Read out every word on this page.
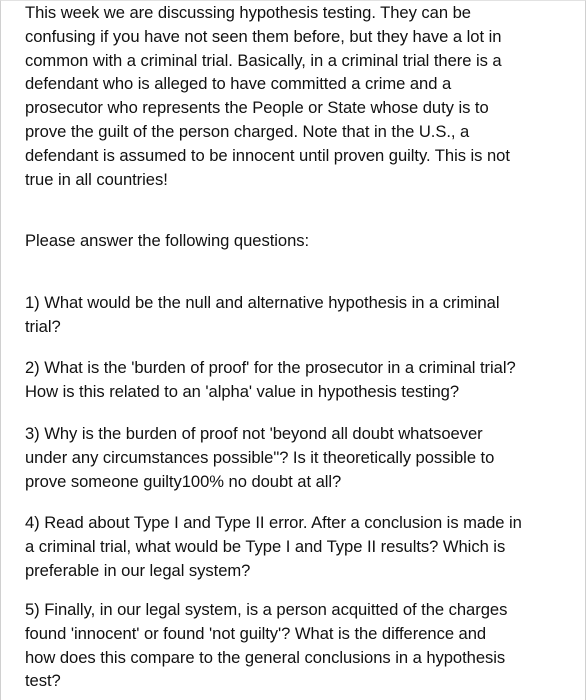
This week we are discussing hypothesis testing. They can be
confusing if you have not seen them before, but they have a lot in
common with a criminal trial. Basically, in a criminal trial there is a
defendant who is alleged to have committed a crime and a
prosecutor who represents the People or State whose duty is to
prove the guilt of the person charged. Note that in the U.S., a
defendant is assumed to be innocent until proven guilty. This is not
true in all countries!

Please answer the following questions:

1) What would be the null and alternative hypothesis in a criminal
trial?

2) What is the 'burden of proof' for the prosecutor in a criminal trial?
How is this related to an 'alpha' value in hypothesis testing?

3) Why is the burden of proof not 'beyond all doubt whatsoever
under any circumstances possible"? Is it theoretically possible to
prove someone guilty100% no doubt at all?

4) Read about Type I and Type II error. After a conclusion is made in
a criminal trial, what would be Type I and Type II results? Which is
preferable in our legal system?

5) Finally, in our legal system, is a person acquitted of the charges
found 'innocent' or found 'not guilty'? What is the difference and
how does this compare to the general conclusions in a hypothesis
test?
